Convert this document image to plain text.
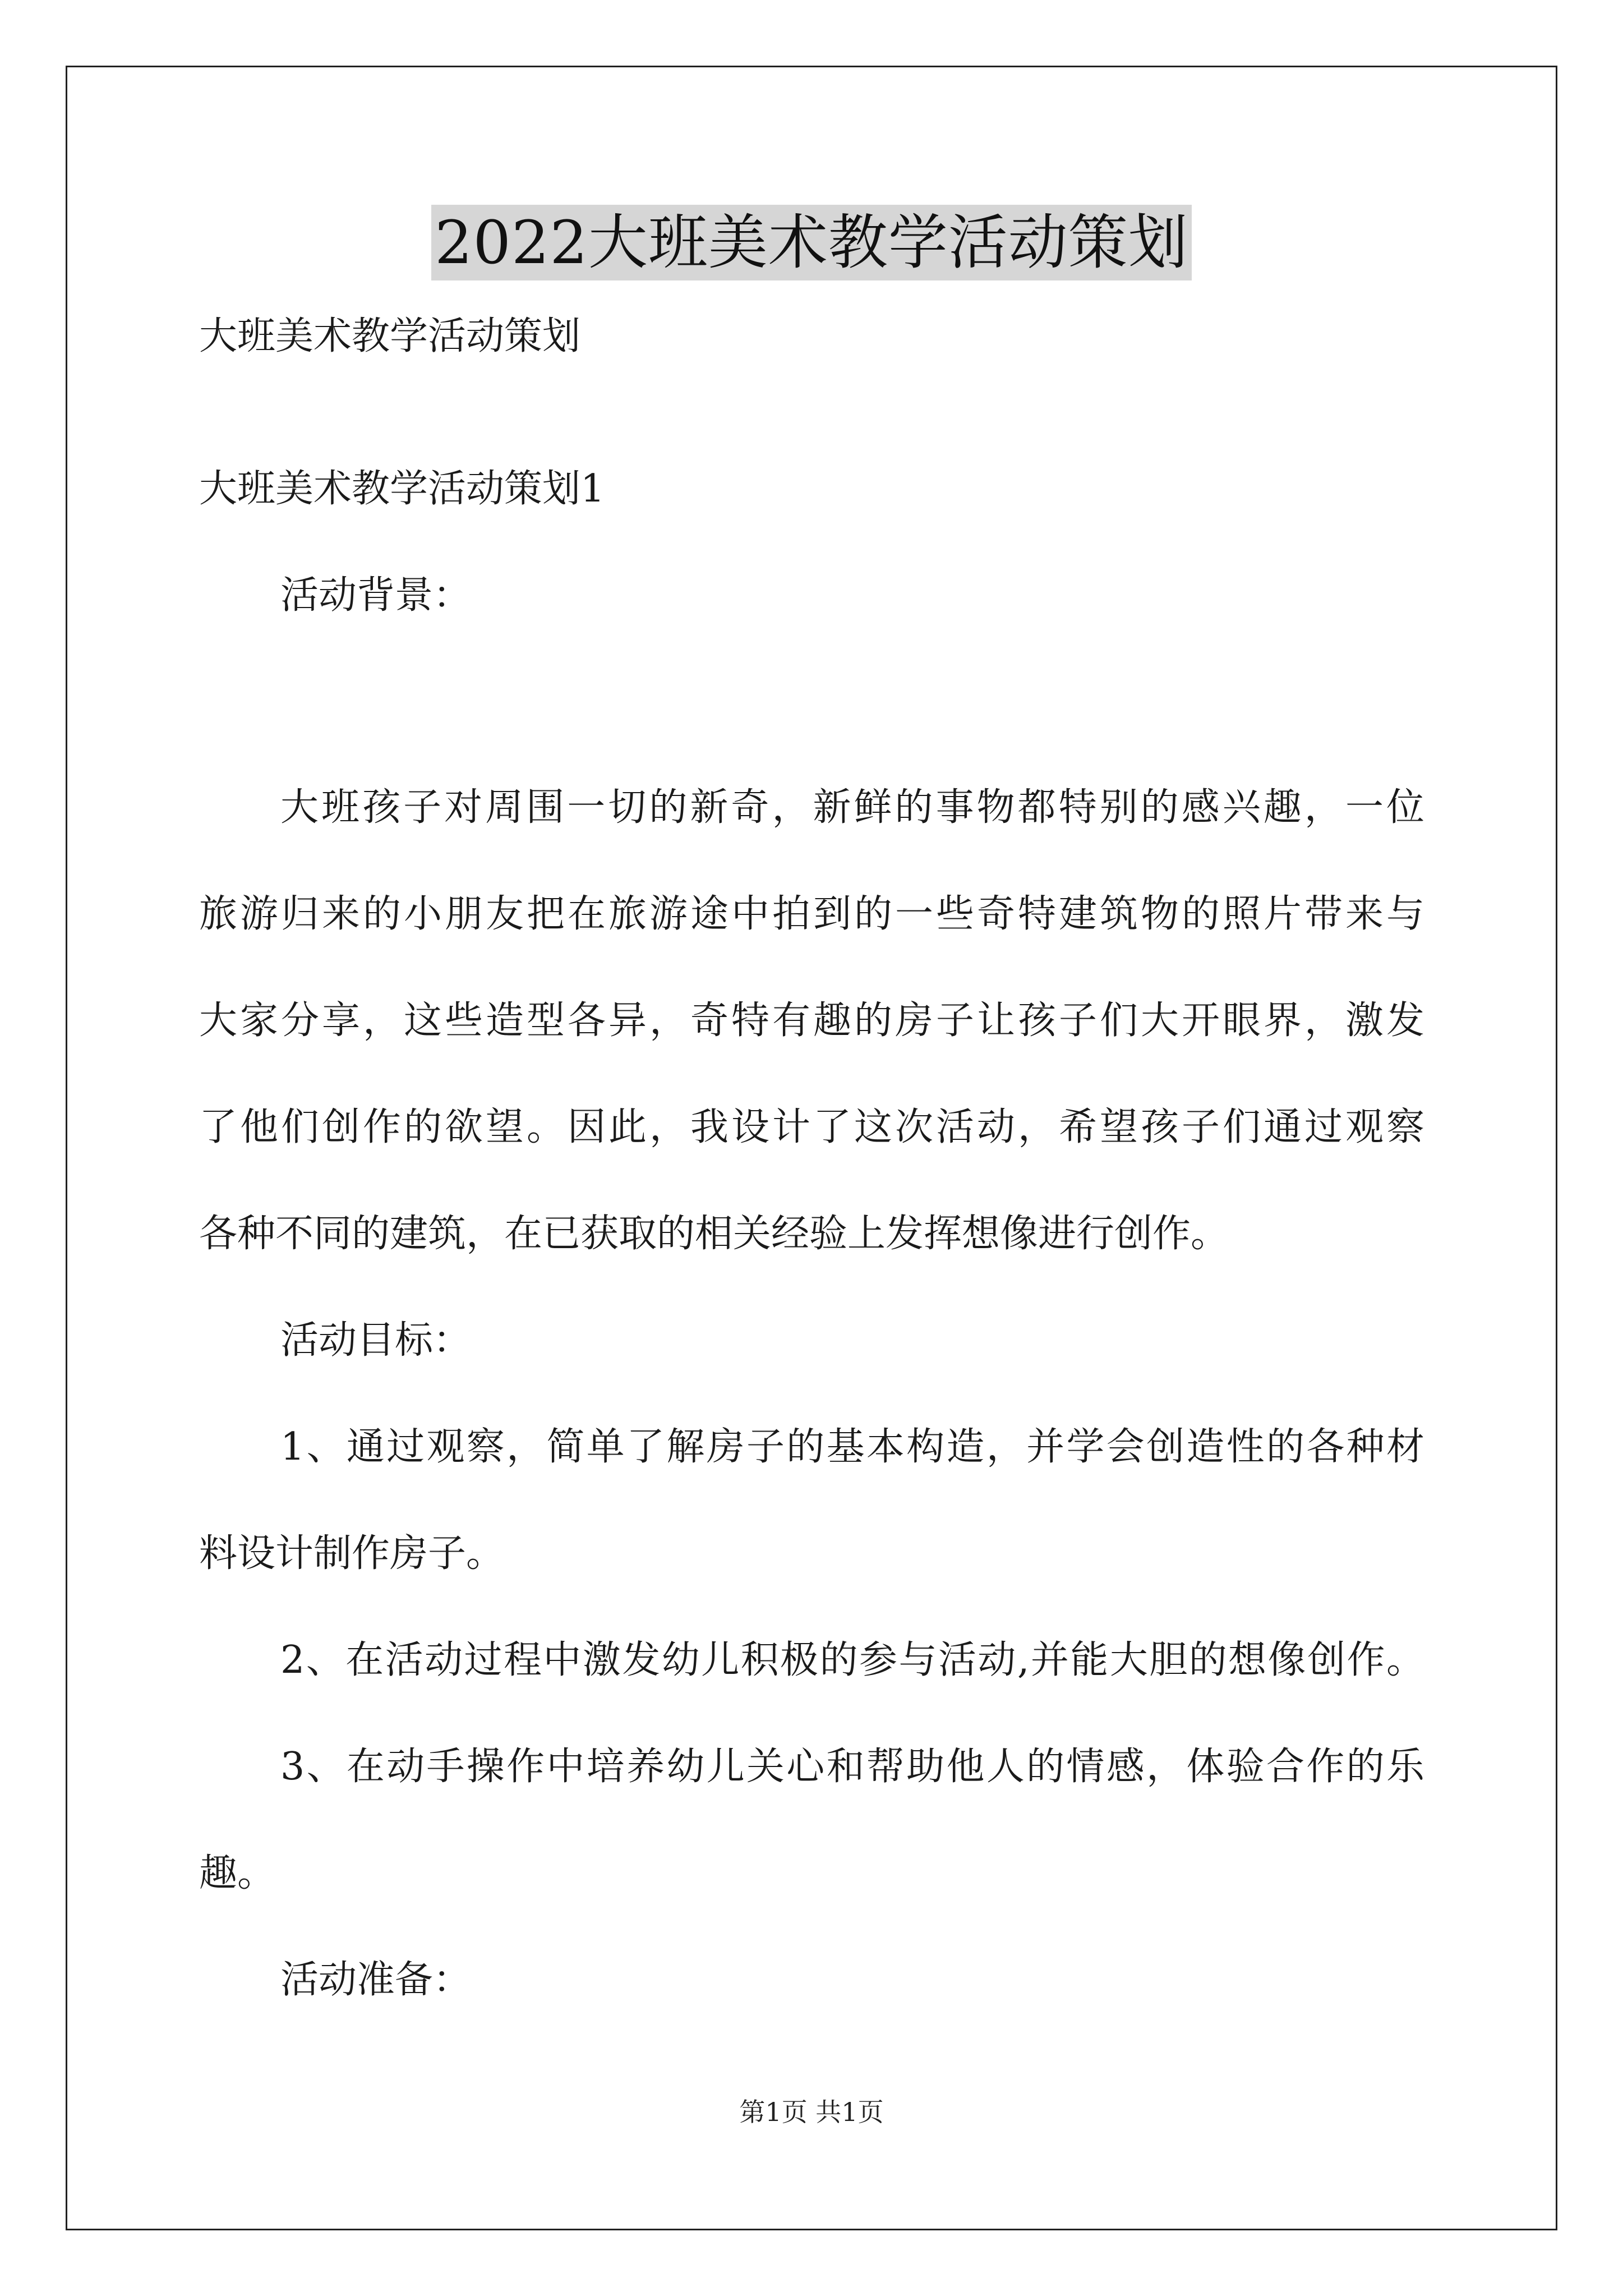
2022大班美术教学活动策划
大班美术教学活动策划
大班美术教学活动策划1
活动背景：
大班孩子对周围一切的新奇，新鲜的事物都特别的感兴趣，一位
旅游归来的小朋友把在旅游途中拍到的一些奇特建筑物的照片带来与
大家分享，这些造型各异，奇特有趣的房子让孩子们大开眼界，激发
了他们创作的欲望。因此，我设计了这次活动，希望孩子们通过观察
各种不同的建筑，在已获取的相关经验上发挥想像进行创作。
活动目标：
1、通过观察，简单了解房子的基本构造，并学会创造性的各种材
料设计制作房子。
2、在活动过程中激发幼儿积极的参与活动,并能大胆的想像创作。
3、在动手操作中培养幼儿关心和帮助他人的情感，体验合作的乐
趣。
活动准备：
第1页 共1页
